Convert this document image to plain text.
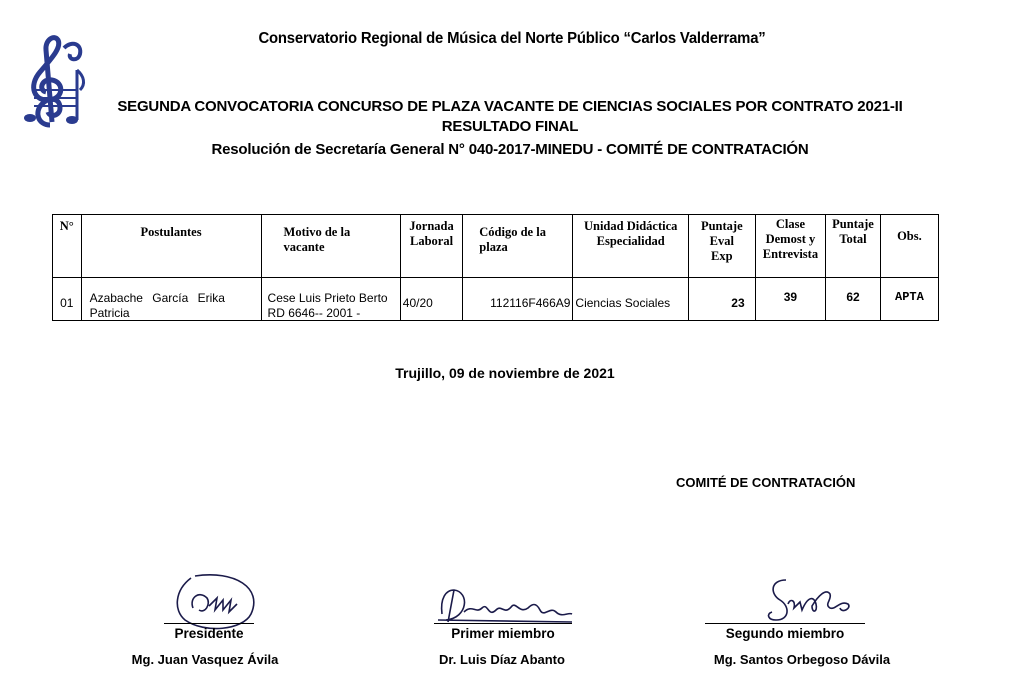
Conservatorio Regional de Música del Norte Público “Carlos Valderrama”
SEGUNDA CONVOCATORIA CONCURSO DE PLAZA VACANTE DE CIENCIAS SOCIALES POR CONTRATO 2021-II
RESULTADO FINAL
Resolución de Secretaría General N° 040-2017-MINEDU - COMITÉ DE CONTRATACIÓN
N°	Postulantes	Motivo de la vacante	Jornada Laboral	Código de la plaza	Unidad Didáctica Especialidad	Puntaje Eval Exp	Clase Demost y Entrevista	Puntaje Total	Obs.

01	Azabache García Erika Patricia	Cese Luis Prieto Berto RD 6646-- 2001 -	40/20	112116F466A9	Ciencias Sociales	23	39	62	APTA
Trujillo, 09 de noviembre de 2021
COMITÉ DE CONTRATACIÓN
Presidente
Mg. Juan Vasquez Ávila
Primer miembro
Dr. Luis Díaz Abanto
Segundo miembro
Mg. Santos Orbegoso Dávila
